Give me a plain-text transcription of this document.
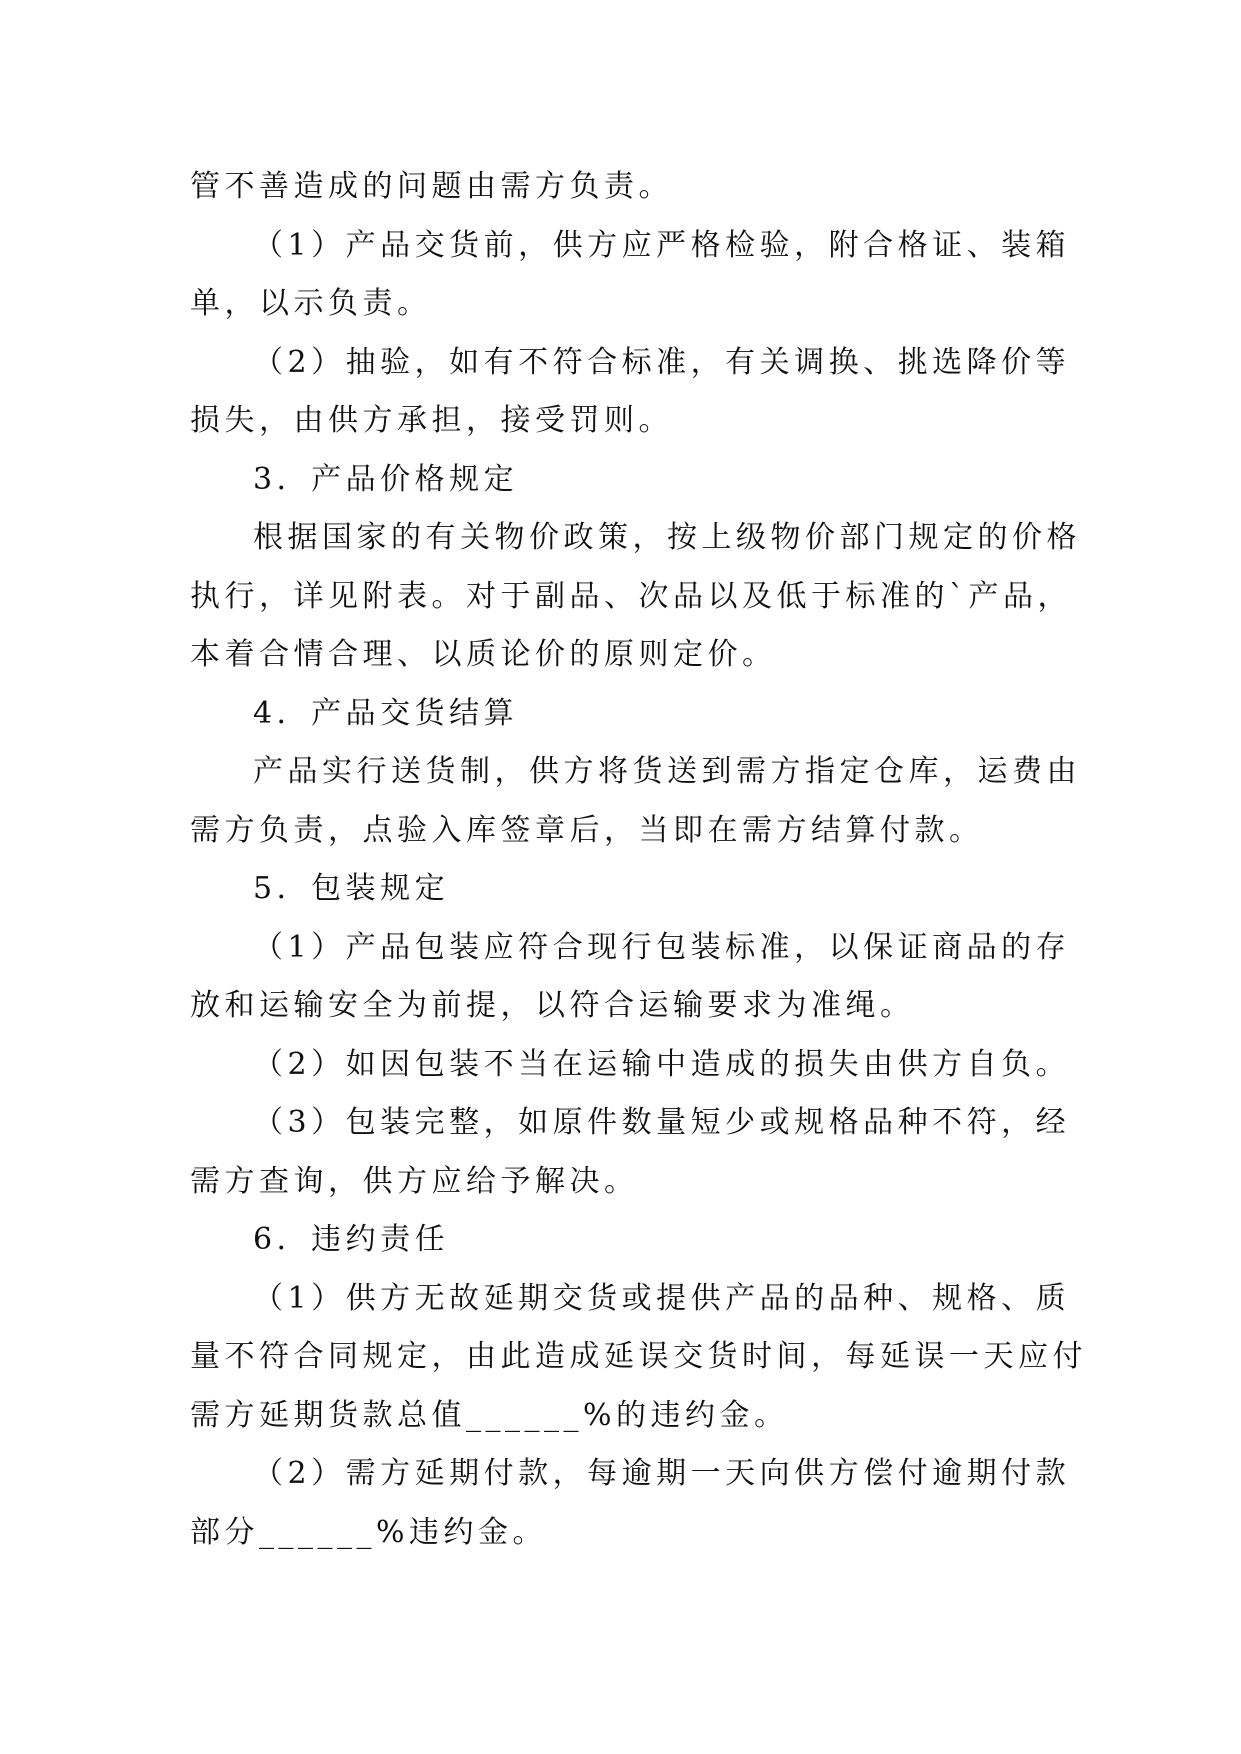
管不善造成的问题由需方负责。

（1）产品交货前，供方应严格检验，附合格证、装箱

单，以示负责。

（2）抽验，如有不符合标准，有关调换、挑选降价等

损失，由供方承担，接受罚则。

3．产品价格规定

根据国家的有关物价政策，按上级物价部门规定的价格

执行，详见附表。对于副品、次品以及低于标准的`产品，

本着合情合理、以质论价的原则定价。

4．产品交货结算

产品实行送货制，供方将货送到需方指定仓库，运费由

需方负责，点验入库签章后，当即在需方结算付款。

5．包装规定

（1）产品包装应符合现行包装标准，以保证商品的存

放和运输安全为前提，以符合运输要求为准绳。

（2）如因包装不当在运输中造成的损失由供方自负。

（3）包装完整，如原件数量短少或规格品种不符，经

需方查询，供方应给予解决。

6．违约责任

（1）供方无故延期交货或提供产品的品种、规格、质

量不符合同规定，由此造成延误交货时间，每延误一天应付

需方延期货款总值______%的违约金。

（2）需方延期付款，每逾期一天向供方偿付逾期付款

部分______%违约金。
